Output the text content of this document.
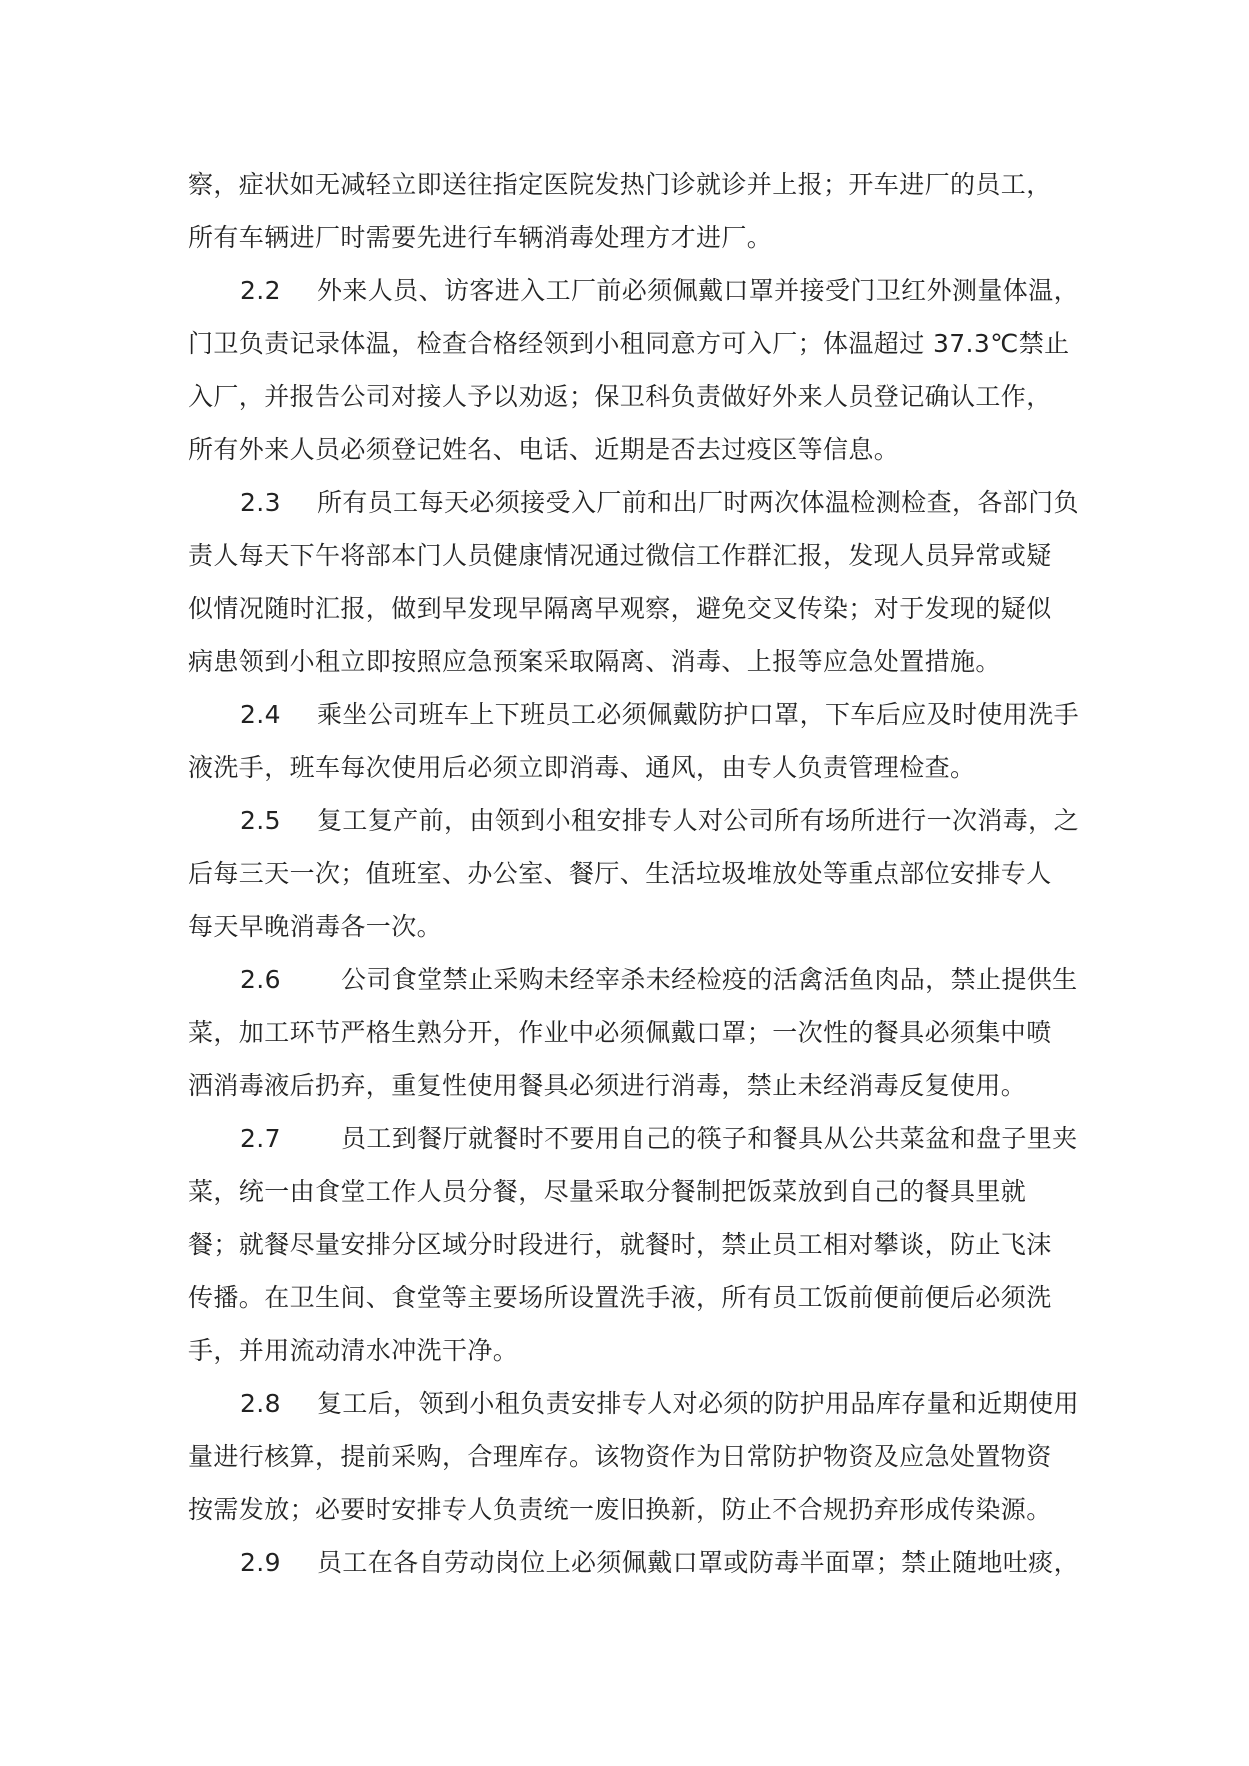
察，症状如无减轻立即送往指定医院发热门诊就诊并上报；开车进厂的员工，
所有车辆进厂时需要先进行车辆消毒处理方才进厂。
2.2 外来人员、访客进入工厂前必须佩戴口罩并接受门卫红外测量体温，
门卫负责记录体温，检查合格经领到小租同意方可入厂；体温超过 37.3℃禁止
入厂，并报告公司对接人予以劝返；保卫科负责做好外来人员登记确认工作，
所有外来人员必须登记姓名、电话、近期是否去过疫区等信息。
2.3 所有员工每天必须接受入厂前和出厂时两次体温检测检查，各部门负
责人每天下午将部本门人员健康情况通过微信工作群汇报，发现人员异常或疑
似情况随时汇报，做到早发现早隔离早观察，避免交叉传染；对于发现的疑似
病患领到小租立即按照应急预案采取隔离、消毒、上报等应急处置措施。
2.4 乘坐公司班车上下班员工必须佩戴防护口罩，下车后应及时使用洗手
液洗手，班车每次使用后必须立即消毒、通风，由专人负责管理检查。
2.5 复工复产前，由领到小租安排专人对公司所有场所进行一次消毒，之
后每三天一次；值班室、办公室、餐厅、生活垃圾堆放处等重点部位安排专人
每天早晚消毒各一次。
2.6 公司食堂禁止采购未经宰杀未经检疫的活禽活鱼肉品，禁止提供生
菜，加工环节严格生熟分开，作业中必须佩戴口罩；一次性的餐具必须集中喷
洒消毒液后扔弃，重复性使用餐具必须进行消毒，禁止未经消毒反复使用。
2.7 员工到餐厅就餐时不要用自己的筷子和餐具从公共菜盆和盘子里夹
菜，统一由食堂工作人员分餐，尽量采取分餐制把饭菜放到自己的餐具里就
餐；就餐尽量安排分区域分时段进行，就餐时，禁止员工相对攀谈，防止飞沫
传播。在卫生间、食堂等主要场所设置洗手液，所有员工饭前便前便后必须洗
手，并用流动清水冲洗干净。
2.8 复工后，领到小租负责安排专人对必须的防护用品库存量和近期使用
量进行核算，提前采购，合理库存。该物资作为日常防护物资及应急处置物资
按需发放；必要时安排专人负责统一废旧换新，防止不合规扔弃形成传染源。
2.9 员工在各自劳动岗位上必须佩戴口罩或防毒半面罩；禁止随地吐痰，
